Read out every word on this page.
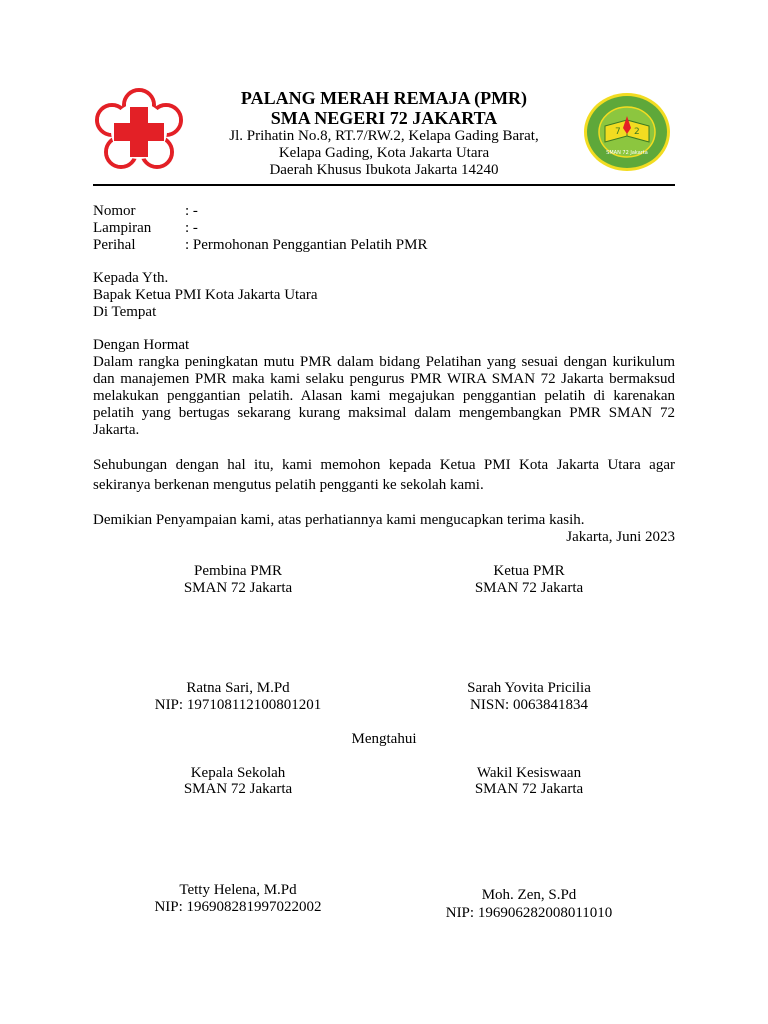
PALANG MERAH REMAJA (PMR)
SMA NEGERI 72 JAKARTA
Jl. Prihatin No.8, RT.7/RW.2, Kelapa Gading Barat,
Kelapa Gading, Kota Jakarta Utara
Daerah Khusus Ibukota Jakarta 14240
7 2
SMAN 72 Jakarta
Nomor	: -
Lampiran : -
Perihal	: Permohonan Penggantian Pelatih PMR
Kepada Yth.
Bapak Ketua PMI Kota Jakarta Utara
Di Tempat
Dengan Hormat
Dalam rangka peningkatan mutu PMR dalam bidang Pelatihan yang sesuai dengan kurikulum dan manajemen PMR maka kami selaku pengurus PMR WIRA SMAN 72 Jakarta bermaksud melakukan penggantian pelatih. Alasan kami megajukan penggantian pelatih di karenakan pelatih yang bertugas sekarang kurang maksimal dalam mengembangkan PMR SMAN 72 Jakarta.
Sehubungan dengan hal itu, kami memohon kepada Ketua PMI Kota Jakarta Utara agar sekiranya berkenan mengutus pelatih pengganti ke sekolah kami.
Demikian Penyampaian kami, atas perhatiannya kami mengucapkan terima kasih.
Jakarta, Juni 2023
Pembina PMR
SMAN 72 Jakarta
Ketua PMR
SMAN 72 Jakarta
Ratna Sari, M.Pd
NIP: 197108112100801201
Sarah Yovita Pricilia
NISN: 0063841834
Mengtahui
Kepala Sekolah
SMAN 72 Jakarta
Wakil Kesiswaan
SMAN 72 Jakarta
Tetty Helena, M.Pd
NIP: 196908281997022002
Moh. Zen, S.Pd
NIP: 196906282008011010
